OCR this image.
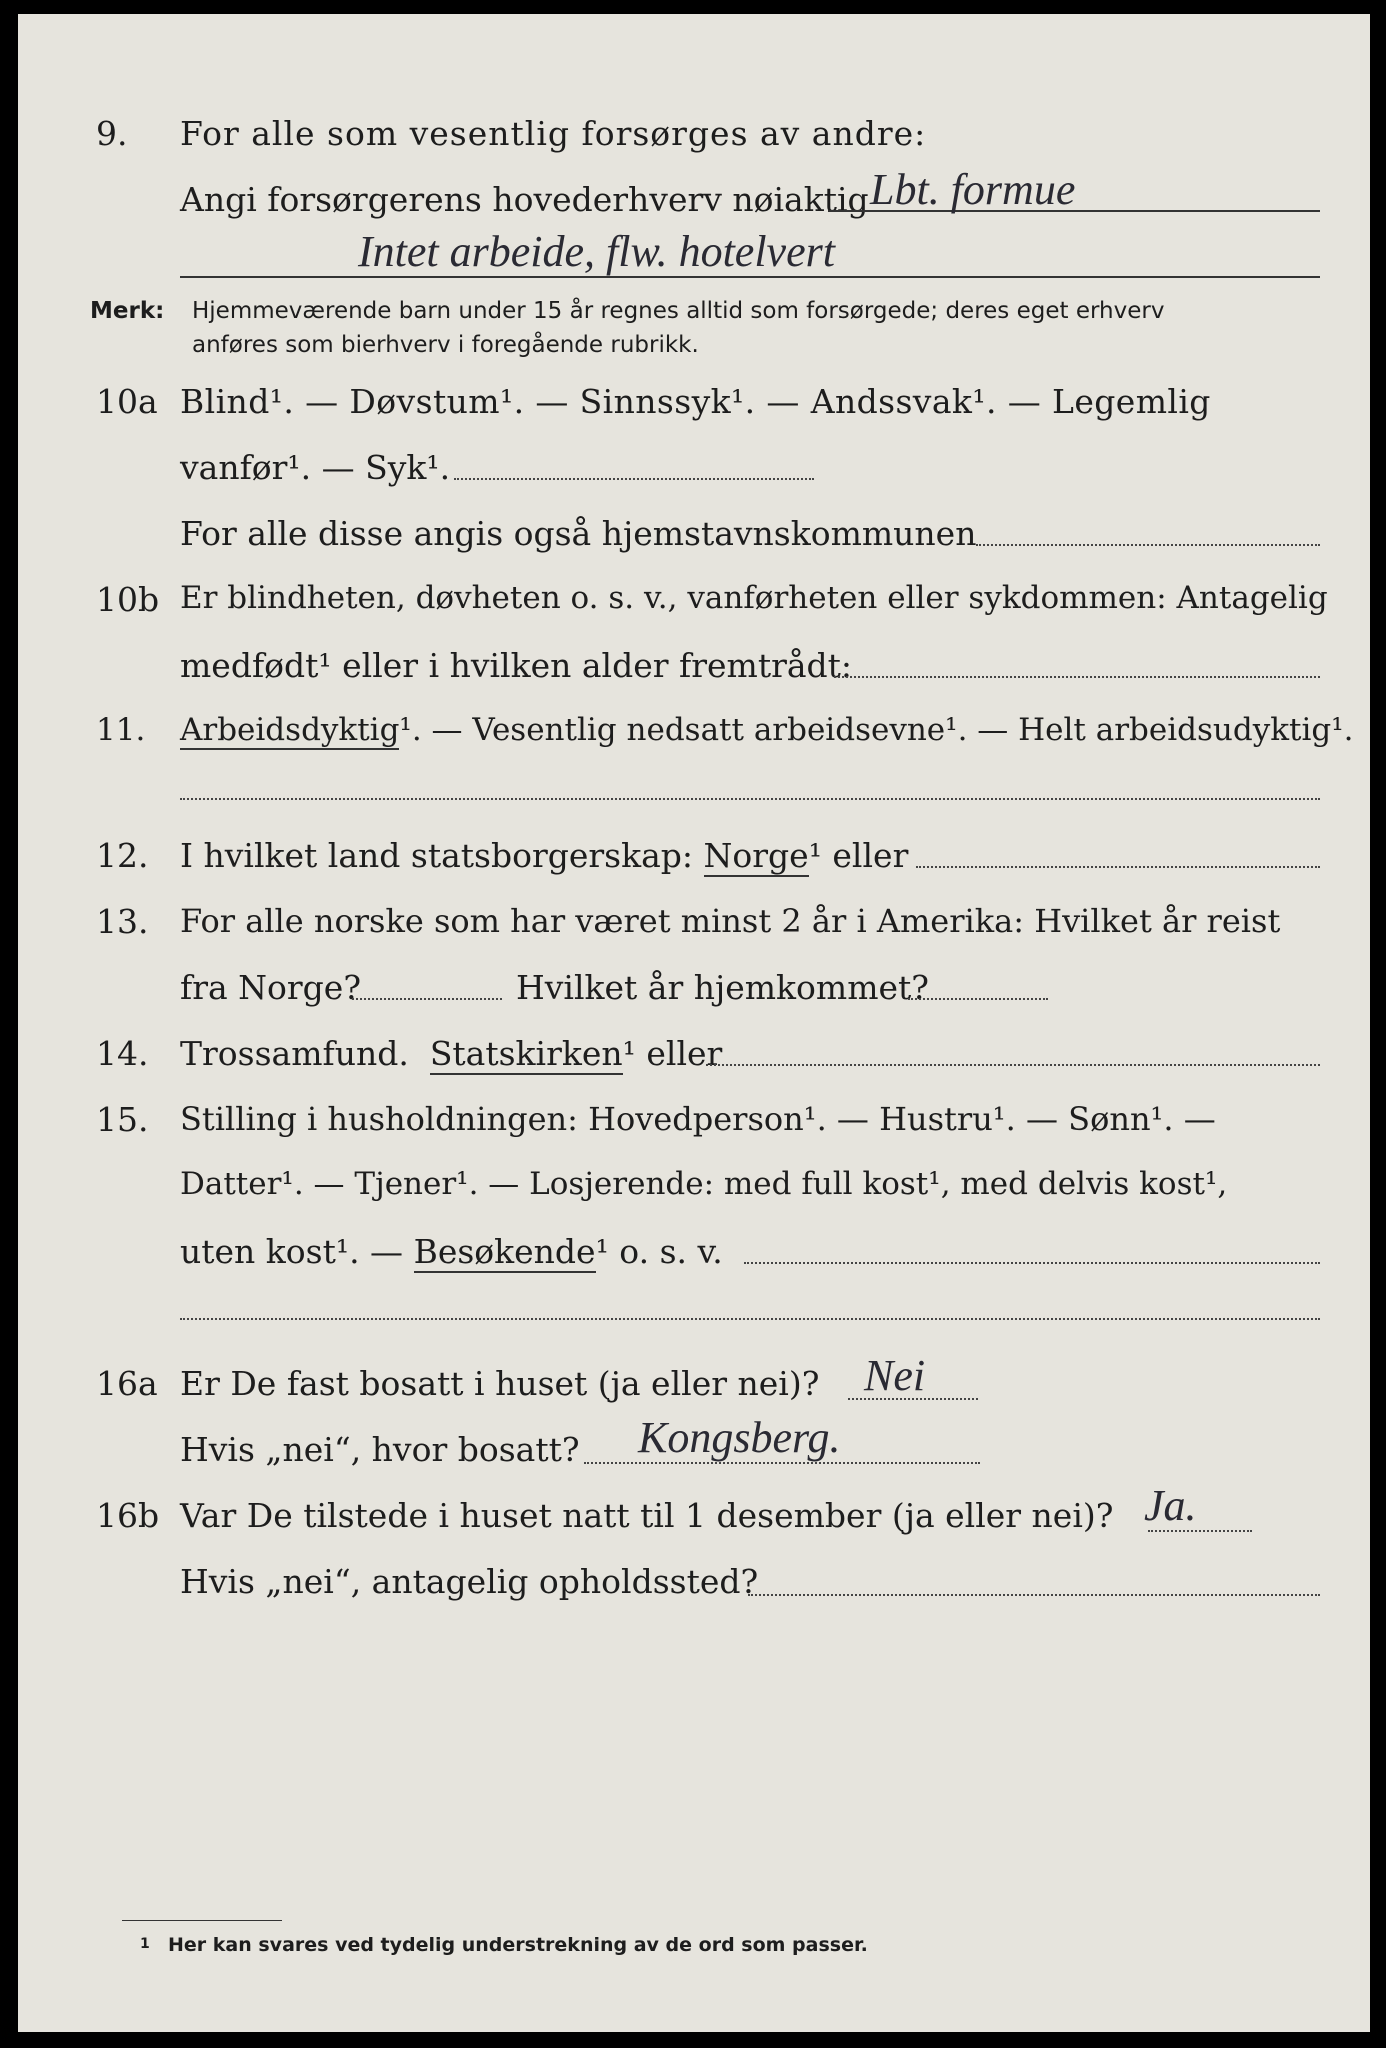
9. For alle som vesentlig forsørges av andre:
Angi forsørgerens hovederhverv nøiaktig Lbt. formue
Intet arbeide, flw. hotelvert
Merk: Hjemmeværende barn under 15 år regnes alltid som forsørgede; deres eget erhverv
anføres som bierhverv i foregående rubrikk.
10a Blind¹. — Døvstum¹. — Sinnssyk¹. — Andssvak¹. — Legemlig
vanfør¹. — Syk¹.
For alle disse angis også hjemstavnskommunen
10b Er blindheten, døvheten o. s. v., vanførheten eller sykdommen: Antagelig
medfødt¹ eller i hvilken alder fremtrådt:
11. Arbeidsdyktig¹. — Vesentlig nedsatt arbeidsevne¹. — Helt arbeidsudyktig¹.
12. I hvilket land statsborgerskap: Norge¹ eller
13. For alle norske som har været minst 2 år i Amerika: Hvilket år reist
fra Norge?	Hvilket år hjemkommet?
14. Trossamfund. Statskirken¹ eller
15. Stilling i husholdningen: Hovedperson¹. — Hustru¹. — Sønn¹. —
Datter¹. — Tjener¹. — Losjerende: med full kost¹, med delvis kost¹,
uten kost¹. — Besøkende¹ o. s. v.
16a Er De fast bosatt i huset (ja eller nei)? Nei
Hvis „nei“, hvor bosatt? Kongsberg.
16b Var De tilstede i huset natt til 1 desember (ja eller nei)? Ja.
Hvis „nei“, antagelig opholdssted?
1 Her kan svares ved tydelig understrekning av de ord som passer.
